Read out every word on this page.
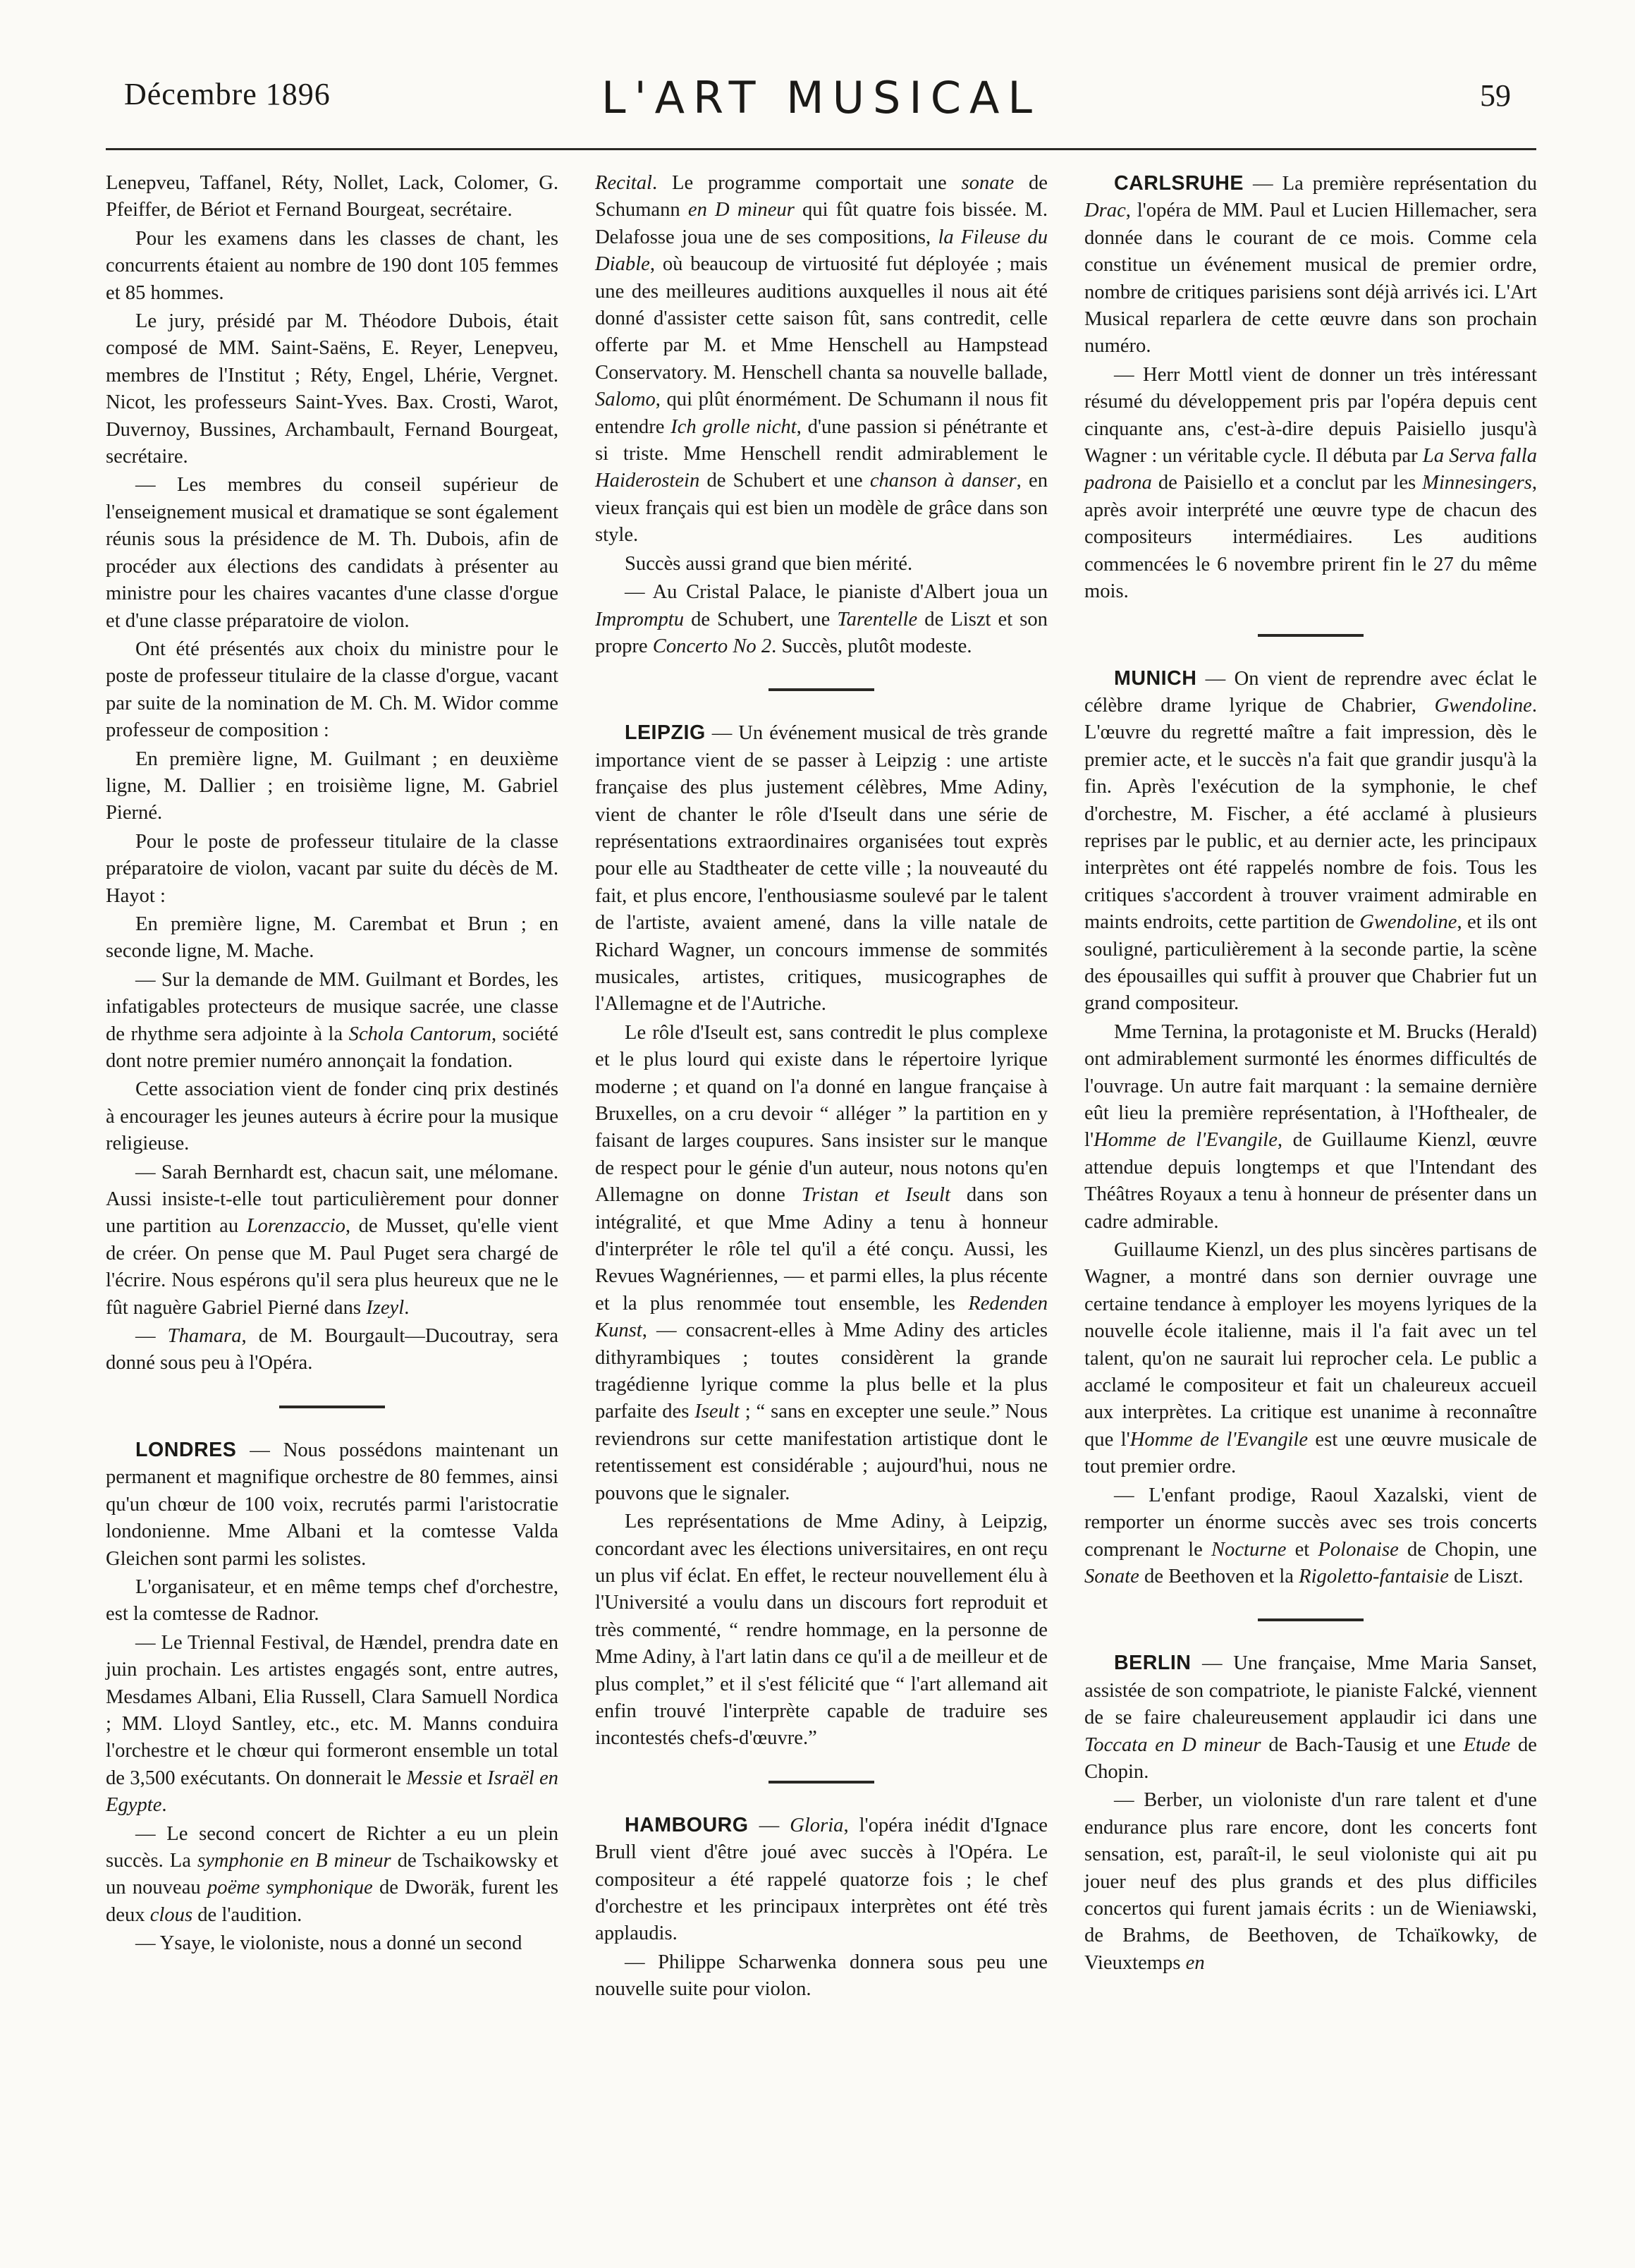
Décembre 1896	L'ART MUSICAL	59

Lenepveu, Taffanel, Réty, Nollet, Lack, Colomer, G. Pfeiffer, de Bériot et Fernand Bourgeat, secrétaire.

Pour les examens dans les classes de chant, les concurrents étaient au nombre de 190 dont 105 femmes et 85 hommes.

Le jury, présidé par M. Théodore Dubois, était composé de MM. Saint-Saëns, E. Reyer, Lenepveu, membres de l'Institut ; Réty, Engel, Lhérie, Vergnet. Nicot, les professeurs Saint-Yves. Bax. Crosti, Warot, Duvernoy, Bussines, Archambault, Fernand Bourgeat, secrétaire.

— Les membres du conseil supérieur de l'enseignement musical et dramatique se sont également réunis sous la présidence de M. Th. Dubois, afin de procéder aux élections des candidats à présenter au ministre pour les chaires vacantes d'une classe d'orgue et d'une classe préparatoire de violon.

Ont été présentés aux choix du ministre pour le poste de professeur titulaire de la classe d'orgue, vacant par suite de la nomination de M. Ch. M. Widor comme professeur de composition :

En première ligne, M. Guilmant ; en deuxième ligne, M. Dallier ; en troisième ligne, M. Gabriel Pierné.

Pour le poste de professeur titulaire de la classe préparatoire de violon, vacant par suite du décès de M. Hayot :

En première ligne, M. Carembat et Brun ; en seconde ligne, M. Mache.

— Sur la demande de MM. Guilmant et Bordes, les infatigables protecteurs de musique sacrée, une classe de rhythme sera adjointe à la Schola Cantorum, société dont notre premier numéro annonçait la fondation.

Cette association vient de fonder cinq prix destinés à encourager les jeunes auteurs à écrire pour la musique religieuse.

— Sarah Bernhardt est, chacun sait, une mélomane. Aussi insiste-t-elle tout particulièrement pour donner une partition au Lorenzaccio, de Musset, qu'elle vient de créer. On pense que M. Paul Puget sera chargé de l'écrire. Nous espérons qu'il sera plus heureux que ne le fût naguère Gabriel Pierné dans Izeyl.

— Thamara, de M. Bourgault—Ducoutray, sera donné sous peu à l'Opéra.

LONDRES — Nous possédons maintenant un permanent et magnifique orchestre de 80 femmes, ainsi qu'un chœur de 100 voix, recrutés parmi l'aristocratie londonienne. Mme Albani et la comtesse Valda Gleichen sont parmi les solistes.

L'organisateur, et en même temps chef d'orchestre, est la comtesse de Radnor.

— Le Triennal Festival, de Hændel, prendra date en juin prochain. Les artistes engagés sont, entre autres, Mesdames Albani, Elia Russell, Clara Samuell Nordica ; MM. Lloyd Santley, etc., etc. M. Manns conduira l'orchestre et le chœur qui formeront ensemble un total de 3,500 exécutants. On donnerait le Messie et Israël en Egypte.

— Le second concert de Richter a eu un plein succès. La symphonie en B mineur de Tschaikowsky et un nouveau poëme symphonique de Dworäk, furent les deux clous de l'audition.

— Ysaye, le violoniste, nous a donné un second

Recital. Le programme comportait une sonate de Schumann en D mineur qui fût quatre fois bissée. M. Delafosse joua une de ses compositions, la Fileuse du Diable, où beaucoup de virtuosité fut déployée ; mais une des meilleures auditions auxquelles il nous ait été donné d'assister cette saison fût, sans contredit, celle offerte par M. et Mme Henschell au Hampstead Conservatory. M. Henschell chanta sa nouvelle ballade, Salomo, qui plût énormément. De Schumann il nous fit entendre Ich grolle nicht, d'une passion si pénétrante et si triste. Mme Henschell rendit admirablement le Haiderostein de Schubert et une chanson à danser, en vieux français qui est bien un modèle de grâce dans son style.

Succès aussi grand que bien mérité.

— Au Cristal Palace, le pianiste d'Albert joua un Impromptu de Schubert, une Tarentelle de Liszt et son propre Concerto No 2. Succès, plutôt modeste.

LEIPZIG — Un événement musical de très grande importance vient de se passer à Leipzig : une artiste française des plus justement célèbres, Mme Adiny, vient de chanter le rôle d'Iseult dans une série de représentations extraordinaires organisées tout exprès pour elle au Stadtheater de cette ville ; la nouveauté du fait, et plus encore, l'enthousiasme soulevé par le talent de l'artiste, avaient amené, dans la ville natale de Richard Wagner, un concours immense de sommités musicales, artistes, critiques, musicographes de l'Allemagne et de l'Autriche.

Le rôle d'Iseult est, sans contredit le plus complexe et le plus lourd qui existe dans le répertoire lyrique moderne ; et quand on l'a donné en langue française à Bruxelles, on a cru devoir “ alléger ” la partition en y faisant de larges coupures. Sans insister sur le manque de respect pour le génie d'un auteur, nous notons qu'en Allemagne on donne Tristan et Iseult dans son intégralité, et que Mme Adiny a tenu à honneur d'interpréter le rôle tel qu'il a été conçu. Aussi, les Revues Wagnériennes, — et parmi elles, la plus récente et la plus renommée tout ensemble, les Redenden Kunst, — consacrent-elles à Mme Adiny des articles dithyrambiques ; toutes considèrent la grande tragédienne lyrique comme la plus belle et la plus parfaite des Iseult ; “ sans en excepter une seule.” Nous reviendrons sur cette manifestation artistique dont le retentissement est considérable ; aujourd'hui, nous ne pouvons que le signaler.

Les représentations de Mme Adiny, à Leipzig, concordant avec les élections universitaires, en ont reçu un plus vif éclat. En effet, le recteur nouvellement élu à l'Université a voulu dans un discours fort reproduit et très commenté, “ rendre hommage, en la personne de Mme Adiny, à l'art latin dans ce qu'il a de meilleur et de plus complet,” et il s'est félicité que “ l'art allemand ait enfin trouvé l'interprète capable de traduire ses incontestés chefs-d'œuvre.”

HAMBOURG — Gloria, l'opéra inédit d'Ignace Brull vient d'être joué avec succès à l'Opéra. Le compositeur a été rappelé quatorze fois ; le chef d'orchestre et les principaux interprètes ont été très applaudis.

— Philippe Scharwenka donnera sous peu une nouvelle suite pour violon.

CARLSRUHE — La première représentation du Drac, l'opéra de MM. Paul et Lucien Hillemacher, sera donnée dans le courant de ce mois. Comme cela constitue un événement musical de premier ordre, nombre de critiques parisiens sont déjà arrivés ici. L'Art Musical reparlera de cette œuvre dans son prochain numéro.

— Herr Mottl vient de donner un très intéressant résumé du développement pris par l'opéra depuis cent cinquante ans, c'est-à-dire depuis Paisiello jusqu'à Wagner : un véritable cycle. Il débuta par La Serva falla padrona de Paisiello et a conclut par les Minnesingers, après avoir interprété une œuvre type de chacun des compositeurs intermédiaires. Les auditions commencées le 6 novembre prirent fin le 27 du même mois.

MUNICH — On vient de reprendre avec éclat le célèbre drame lyrique de Chabrier, Gwendoline. L'œuvre du regretté maître a fait impression, dès le premier acte, et le succès n'a fait que grandir jusqu'à la fin. Après l'exécution de la symphonie, le chef d'orchestre, M. Fischer, a été acclamé à plusieurs reprises par le public, et au dernier acte, les principaux interprètes ont été rappelés nombre de fois. Tous les critiques s'accordent à trouver vraiment admirable en maints endroits, cette partition de Gwendoline, et ils ont souligné, particulièrement à la seconde partie, la scène des épousailles qui suffit à prouver que Chabrier fut un grand compositeur.

Mme Ternina, la protagoniste et M. Brucks (Herald) ont admirablement surmonté les énormes difficultés de l'ouvrage. Un autre fait marquant : la semaine dernière eût lieu la première représentation, à l'Hofthealer, de l'Homme de l'Evangile, de Guillaume Kienzl, œuvre attendue depuis longtemps et que l'Intendant des Théâtres Royaux a tenu à honneur de présenter dans un cadre admirable.

Guillaume Kienzl, un des plus sincères partisans de Wagner, a montré dans son dernier ouvrage une certaine tendance à employer les moyens lyriques de la nouvelle école italienne, mais il l'a fait avec un tel talent, qu'on ne saurait lui reprocher cela. Le public a acclamé le compositeur et fait un chaleureux accueil aux interprètes. La critique est unanime à reconnaître que l'Homme de l'Evangile est une œuvre musicale de tout premier ordre.

— L'enfant prodige, Raoul Xazalski, vient de remporter un énorme succès avec ses trois concerts comprenant le Nocturne et Polonaise de Chopin, une Sonate de Beethoven et la Rigoletto-fantaisie de Liszt.

BERLIN — Une française, Mme Maria Sanset, assistée de son compatriote, le pianiste Falcké, viennent de se faire chaleureusement applaudir ici dans une Toccata en D mineur de Bach-Tausig et une Etude de Chopin.

— Berber, un violoniste d'un rare talent et d'une endurance plus rare encore, dont les concerts font sensation, est, paraît-il, le seul violoniste qui ait pu jouer neuf des plus grands et des plus difficiles concertos qui furent jamais écrits : un de Wieniawski, de Brahms, de Beethoven, de Tchaïkowky, de Vieuxtemps en
